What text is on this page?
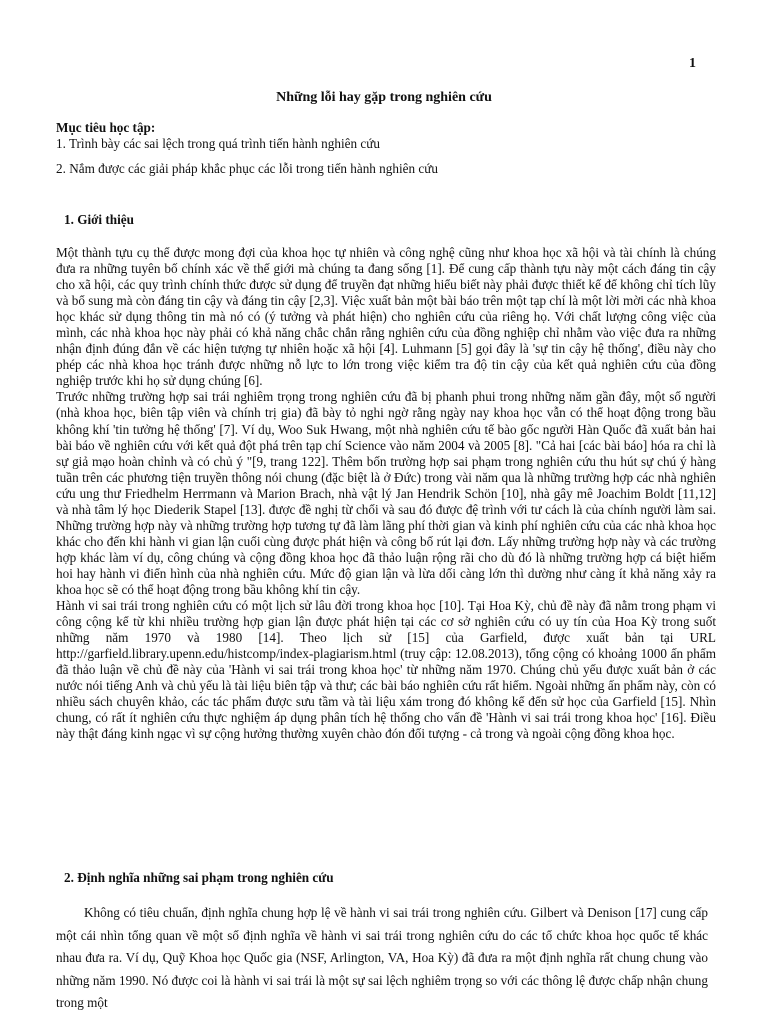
1
Những lỗi hay gặp trong nghiên cứu
Mục tiêu học tập:

1. Trình bày các sai lệch trong quá trình tiến hành nghiên cứu

2. Nắm được các giải pháp khắc phục các lỗi trong tiến hành nghiên cứu

1. Giới thiệu

Một thành tựu cụ thể được mong đợi của khoa học tự nhiên và công nghệ cũng như khoa học xã hội và tài chính là chúng đưa ra những tuyên bố chính xác về thế giới mà chúng ta đang sống [1]. Để cung cấp thành tựu này một cách đáng tin cậy cho xã hội, các quy trình chính thức được sử dụng để truyền đạt những hiểu biết này phải được thiết kế để không chỉ tích lũy và bổ sung mà còn đáng tin cậy và đáng tin cậy [2,3]. Việc xuất bản một bài báo trên một tạp chí là một lời mời các nhà khoa học khác sử dụng thông tin mà nó có (ý tưởng và phát hiện) cho nghiên cứu của riêng họ. Với chất lượng công việc của mình, các nhà khoa học này phải có khả năng chắc chắn rằng nghiên cứu của đồng nghiệp chỉ nhằm vào việc đưa ra những nhận định đúng đắn về các hiện tượng tự nhiên hoặc xã hội [4]. Luhmann [5] gọi đây là 'sự tin cậy hệ thống', điều này cho phép các nhà khoa học tránh được những nỗ lực to lớn trong việc kiểm tra độ tin cậy của kết quả nghiên cứu của đồng nghiệp trước khi họ sử dụng chúng [6].

Trước những trường hợp sai trái nghiêm trọng trong nghiên cứu đã bị phanh phui trong những năm gần đây, một số người (nhà khoa học, biên tập viên và chính trị gia) đã bày tỏ nghi ngờ rằng ngày nay khoa học vẫn có thể hoạt động trong bầu không khí 'tin tưởng hệ thống' [7]. Ví dụ, Woo Suk Hwang, một nhà nghiên cứu tế bào gốc người Hàn Quốc đã xuất bản hai bài báo về nghiên cứu với kết quả đột phá trên tạp chí Science vào năm 2004 và 2005 [8]. "Cả hai [các bài báo] hóa ra chỉ là sự giả mạo hoàn chỉnh và có chủ ý "[9, trang 122]. Thêm bốn trường hợp sai phạm trong nghiên cứu thu hút sự chú ý hàng tuần trên các phương tiện truyền thông nói chung (đặc biệt là ở Đức) trong vài năm qua là những trường hợp các nhà nghiên cứu ung thư Friedhelm Herrmann và Marion Brach, nhà vật lý Jan Hendrik Schön [10], nhà gây mê Joachim Boldt [11,12] và nhà tâm lý học Diederik Stapel [13]. được đề nghị từ chối và sau đó được đệ trình với tư cách là của chính người làm sai. Những trường hợp này và những trường hợp tương tự đã làm lãng phí thời gian và kinh phí nghiên cứu của các nhà khoa học khác cho đến khi hành vi gian lận cuối cùng được phát hiện và công bố rút lại đơn. Lấy những trường hợp này và các trường hợp khác làm ví dụ, công chúng và cộng đồng khoa học đã thảo luận rộng rãi cho dù đó là những trường hợp cá biệt hiếm hoi hay hành vi điển hình của nhà nghiên cứu. Mức độ gian lận và lừa dối càng lớn thì dường như càng ít khả năng xảy ra khoa học sẽ có thể hoạt động trong bầu không khí tin cậy.

Hành vi sai trái trong nghiên cứu có một lịch sử lâu đời trong khoa học [10]. Tại Hoa Kỳ, chủ đề này đã nằm trong phạm vi công cộng kể từ khi nhiều trường hợp gian lận được phát hiện tại các cơ sở nghiên cứu có uy tín của Hoa Kỳ trong suốt những năm 1970 và 1980 [14]. Theo lịch sử [15] của Garfield, được xuất bản tại URL http://garfield.library.upenn.edu/histcomp/index-plagiarism.html (truy cập: 12.08.2013), tổng cộng có khoảng 1000 ấn phẩm đã thảo luận về chủ đề này của 'Hành vi sai trái trong khoa học' từ những năm 1970. Chúng chủ yếu được xuất bản ở các nước nói tiếng Anh và chủ yếu là tài liệu biên tập và thư; các bài báo nghiên cứu rất hiếm. Ngoài những ấn phẩm này, còn có nhiều sách chuyên khảo, các tác phẩm được sưu tầm và tài liệu xám trong đó không kể đến sử học của Garfield [15]. Nhìn chung, có rất ít nghiên cứu thực nghiệm áp dụng phân tích hệ thống cho vấn đề 'Hành vi sai trái trong khoa học' [16]. Điều này thật đáng kinh ngạc vì sự cộng hưởng thường xuyên chào đón đối tượng - cả trong và ngoài cộng đồng khoa học.

2. Định nghĩa những sai phạm trong nghiên cứu

Không có tiêu chuẩn, định nghĩa chung hợp lệ về hành vi sai trái trong nghiên cứu. Gilbert và Denison [17] cung cấp một cái nhìn tổng quan về một số định nghĩa về hành vi sai trái trong nghiên cứu do các tổ chức khoa học quốc tế khác nhau đưa ra. Ví dụ, Quỹ Khoa học Quốc gia (NSF, Arlington, VA, Hoa Kỳ) đã đưa ra một định nghĩa rất chung chung vào những năm 1990. Nó được coi là hành vi sai trái là một sự sai lệch nghiêm trọng so với các thông lệ được chấp nhận chung trong một
